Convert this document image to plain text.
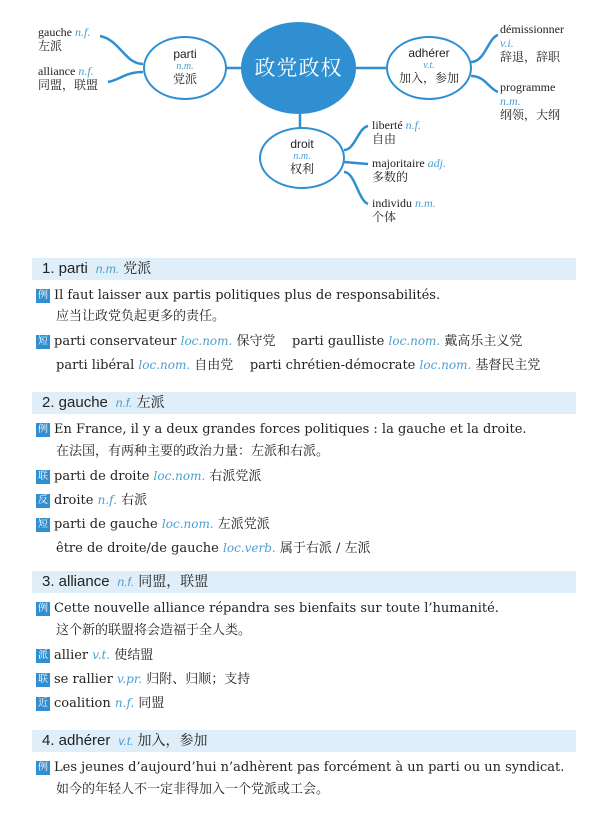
gauche n.f.
左派
alliance n.f.
同盟，联盟
parti
n.m.
党派	政党政权
adhérer
v.t.
加入，参加
droit
n.m.
权利
démissionner
v.i.
辞退，辞职
programme
n.m.
纲领，大纲
liberté n.f.
自由
majoritaire adj.
多数的
individu n.m.
个体
1. parti n.m. 党派
例 Il faut laisser aux partis politiques plus de responsabilités.
应当让政党负起更多的责任。
短 parti conservateur loc.nom. 保守党 parti gaulliste loc.nom. 戴高乐主义党
parti libéral loc.nom. 自由党 parti chrétien-démocrate loc.nom. 基督民主党
2. gauche n.f. 左派
例 En France, il y a deux grandes forces politiques : la gauche et la droite.
在法国，有两种主要的政治力量：左派和右派。
联 parti de droite loc.nom. 右派党派
反 droite n.f. 右派
短 parti de gauche loc.nom. 左派党派
être de droite/de gauche loc.verb. 属于右派 / 左派
3. alliance n.f. 同盟，联盟
例 Cette nouvelle alliance répandra ses bienfaits sur toute l’humanité.
这个新的联盟将会造福于全人类。
派 allier v.t. 使结盟
联 se rallier v.pr. 归附、归顺；支持
近 coalition n.f. 同盟
4. adhérer v.t. 加入，参加
例 Les jeunes d’aujourd’hui n’adhèrent pas forcément à un parti ou un syndicat.
如今的年轻人不一定非得加入一个党派或工会。
